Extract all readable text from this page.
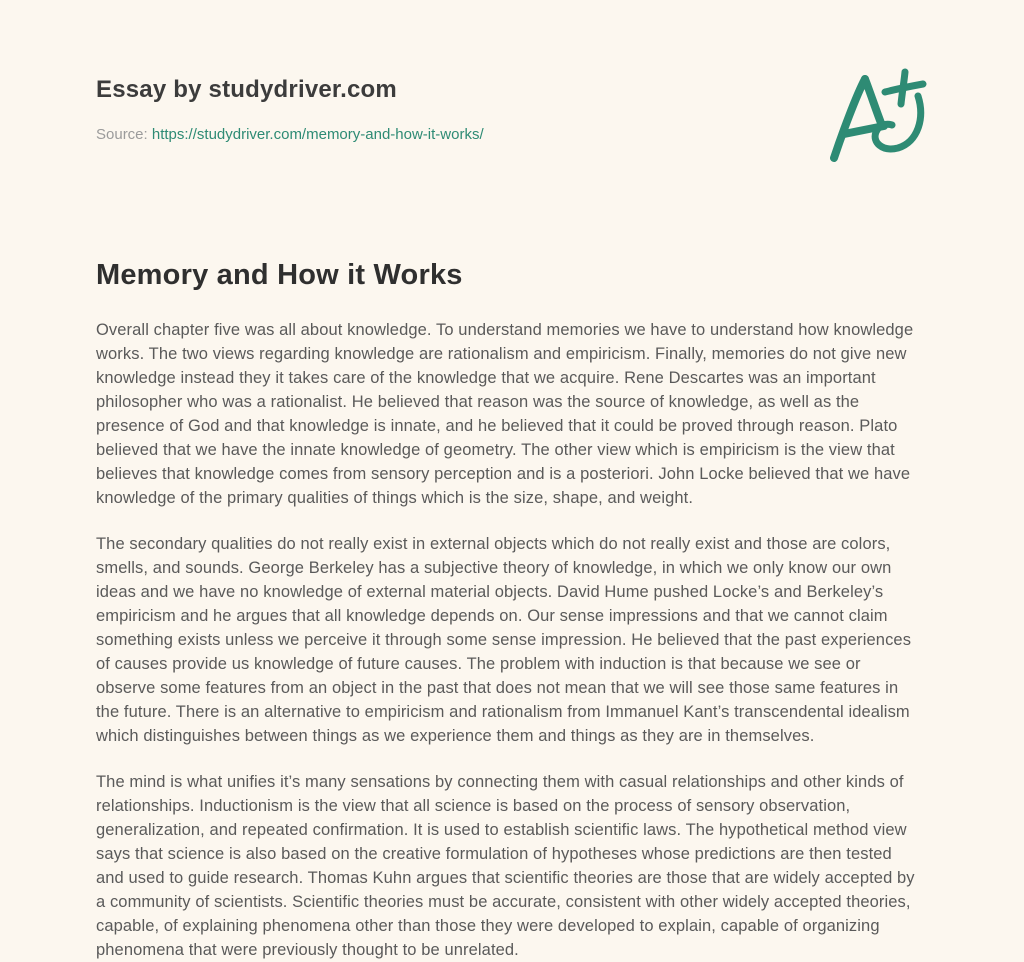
Essay by studydriver.com
Source: https://studydriver.com/memory-and-how-it-works/
Memory and How it Works

Overall chapter five was all about knowledge. To understand memories we have to understand how knowledge works. The two views regarding knowledge are rationalism and empiricism. Finally, memories do not give new knowledge instead they it takes care of the knowledge that we acquire. Rene Descartes was an important philosopher who was a rationalist. He believed that reason was the source of knowledge, as well as the presence of God and that knowledge is innate, and he believed that it could be proved through reason. Plato believed that we have the innate knowledge of geometry. The other view which is empiricism is the view that believes that knowledge comes from sensory perception and is a posteriori. John Locke believed that we have knowledge of the primary qualities of things which is the size, shape, and weight.

The secondary qualities do not really exist in external objects which do not really exist and those are colors, smells, and sounds. George Berkeley has a subjective theory of knowledge, in which we only know our own ideas and we have no knowledge of external material objects. David Hume pushed Locke’s and Berkeley’s empiricism and he argues that all knowledge depends on. Our sense impressions and that we cannot claim something exists unless we perceive it through some sense impression. He believed that the past experiences of causes provide us knowledge of future causes. The problem with induction is that because we see or observe some features from an object in the past that does not mean that we will see those same features in the future. There is an alternative to empiricism and rationalism from Immanuel Kant’s transcendental idealism which distinguishes between things as we experience them and things as they are in themselves.

The mind is what unifies it’s many sensations by connecting them with casual relationships and other kinds of relationships. Inductionism is the view that all science is based on the process of sensory observation, generalization, and repeated confirmation. It is used to establish scientific laws. The hypothetical method view says that science is also based on the creative formulation of hypotheses whose predictions are then tested and used to guide research. Thomas Kuhn argues that scientific theories are those that are widely accepted by a community of scientists. Scientific theories must be accurate, consistent with other widely accepted theories, capable, of explaining phenomena other than those they were developed to explain, capable of organizing phenomena that were previously thought to be unrelated.
